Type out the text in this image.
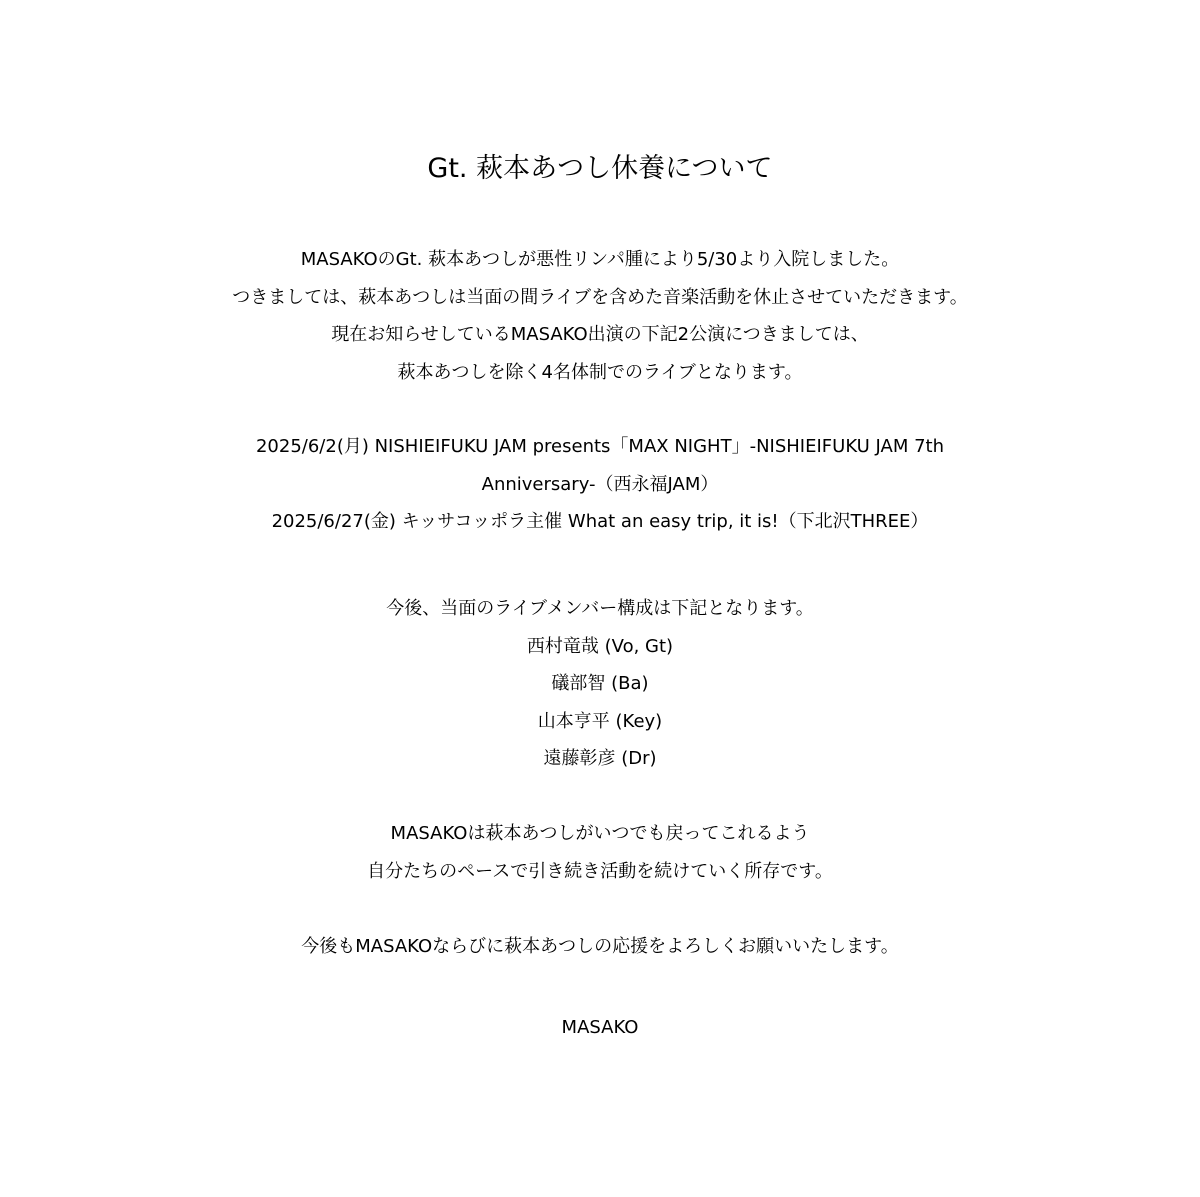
Gt. 萩本あつし休養について
MASAKOのGt. 萩本あつしが悪性リンパ腫により5/30より入院しました。
つきましては、萩本あつしは当面の間ライブを含めた音楽活動を休止させていただきます。
現在お知らせしているMASAKO出演の下記2公演につきましては、
萩本あつしを除く4名体制でのライブとなります。
2025/6/2(月) NISHIEIFUKU JAM presents「MAX NIGHT」-NISHIEIFUKU JAM 7th
Anniversary-（西永福JAM）
2025/6/27(金) キッサコッポラ主催 What an easy trip, it is!（下北沢THREE）
今後、当面のライブメンバー構成は下記となります。
西村竜哉 (Vo, Gt)
礒部智 (Ba)
山本亨平 (Key)
遠藤彰彦 (Dr)
MASAKOは萩本あつしがいつでも戻ってこれるよう
自分たちのペースで引き続き活動を続けていく所存です。
今後もMASAKOならびに萩本あつしの応援をよろしくお願いいたします。
MASAKO
